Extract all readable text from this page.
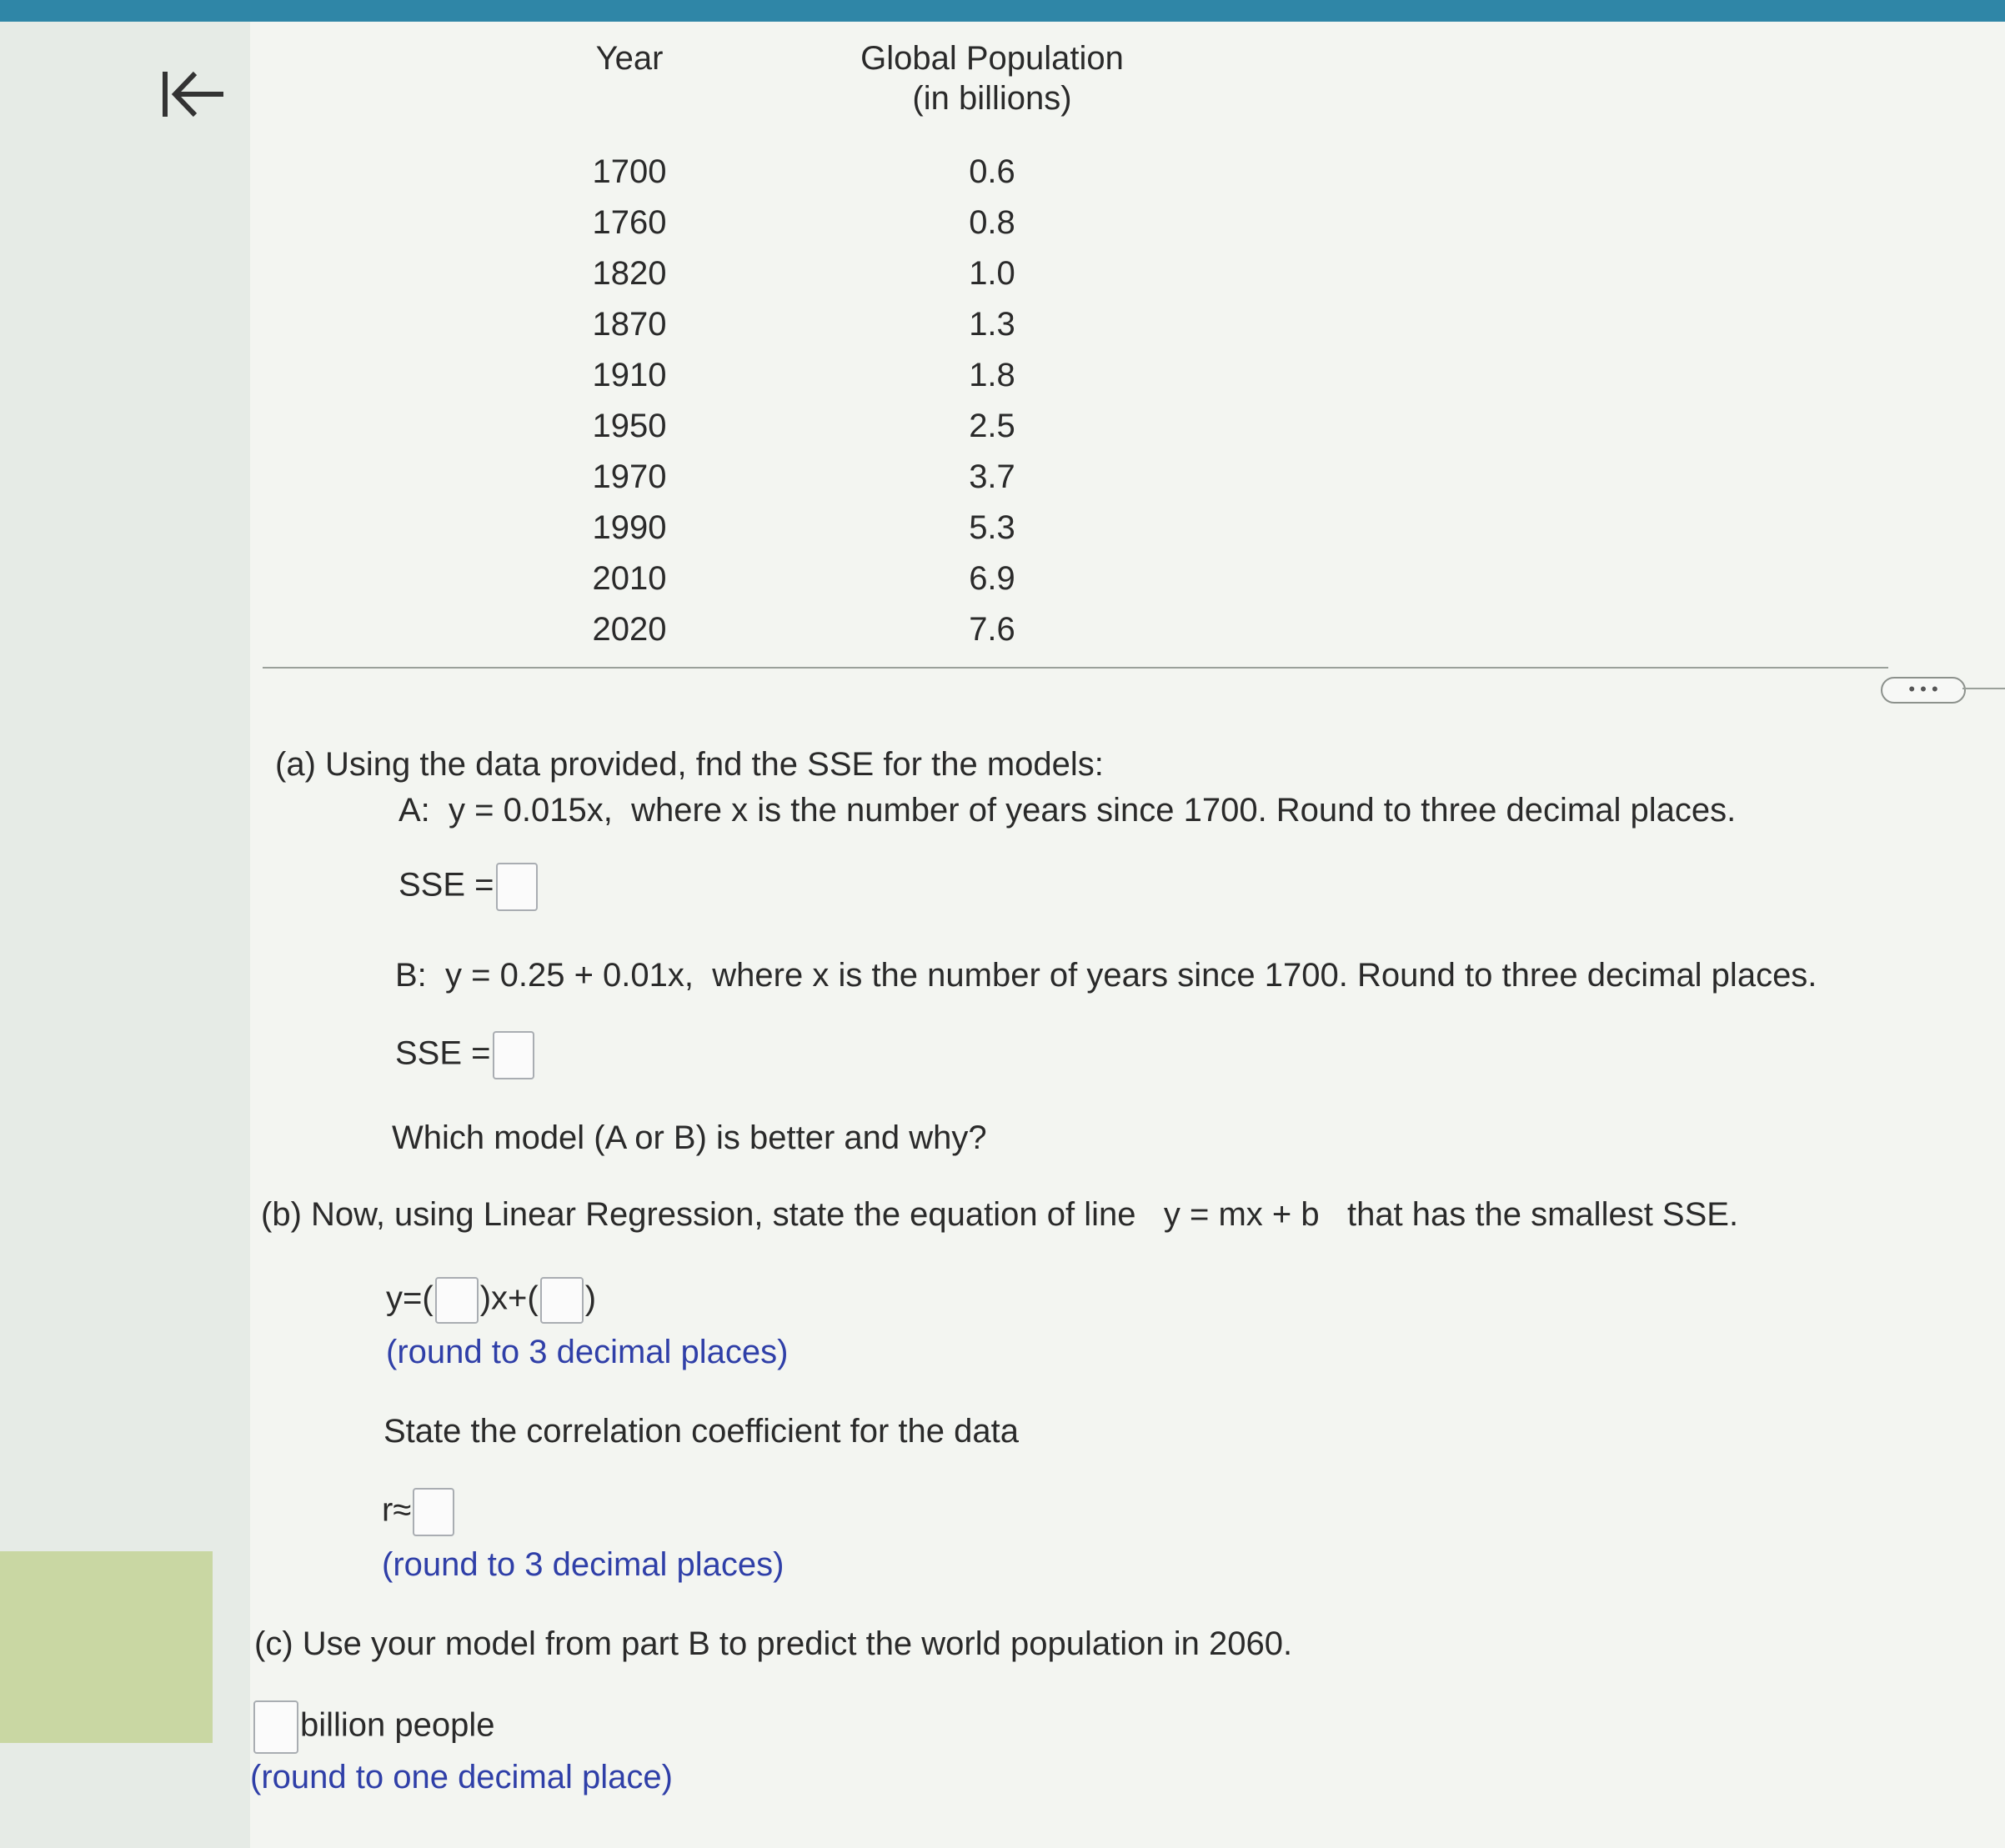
Year	Global Population
(in billions)
1700	0.6
1760	0.8
1820	1.0
1870	1.3
1910	1.8
1950	2.5
1970	3.7
1990	5.3
2010	6.9
2020	7.6
• • •
(a) Using the data provided, fnd the SSE for the models:
A: y = 0.015x, where x is the number of years since 1700. Round to three decimal places.
SSE =
B: y = 0.25 + 0.01x, where x is the number of years since 1700. Round to three decimal places.
SSE =
Which model (A or B) is better and why?
(b) Now, using Linear Regression, state the equation of line y = mx + b that has the smallest SSE.
y=( )x+( )
(round to 3 decimal places)
State the correlation coefficient for the data
r≈
(round to 3 decimal places)
(c) Use your model from part B to predict the world population in 2060.
billion people
(round to one decimal place)
